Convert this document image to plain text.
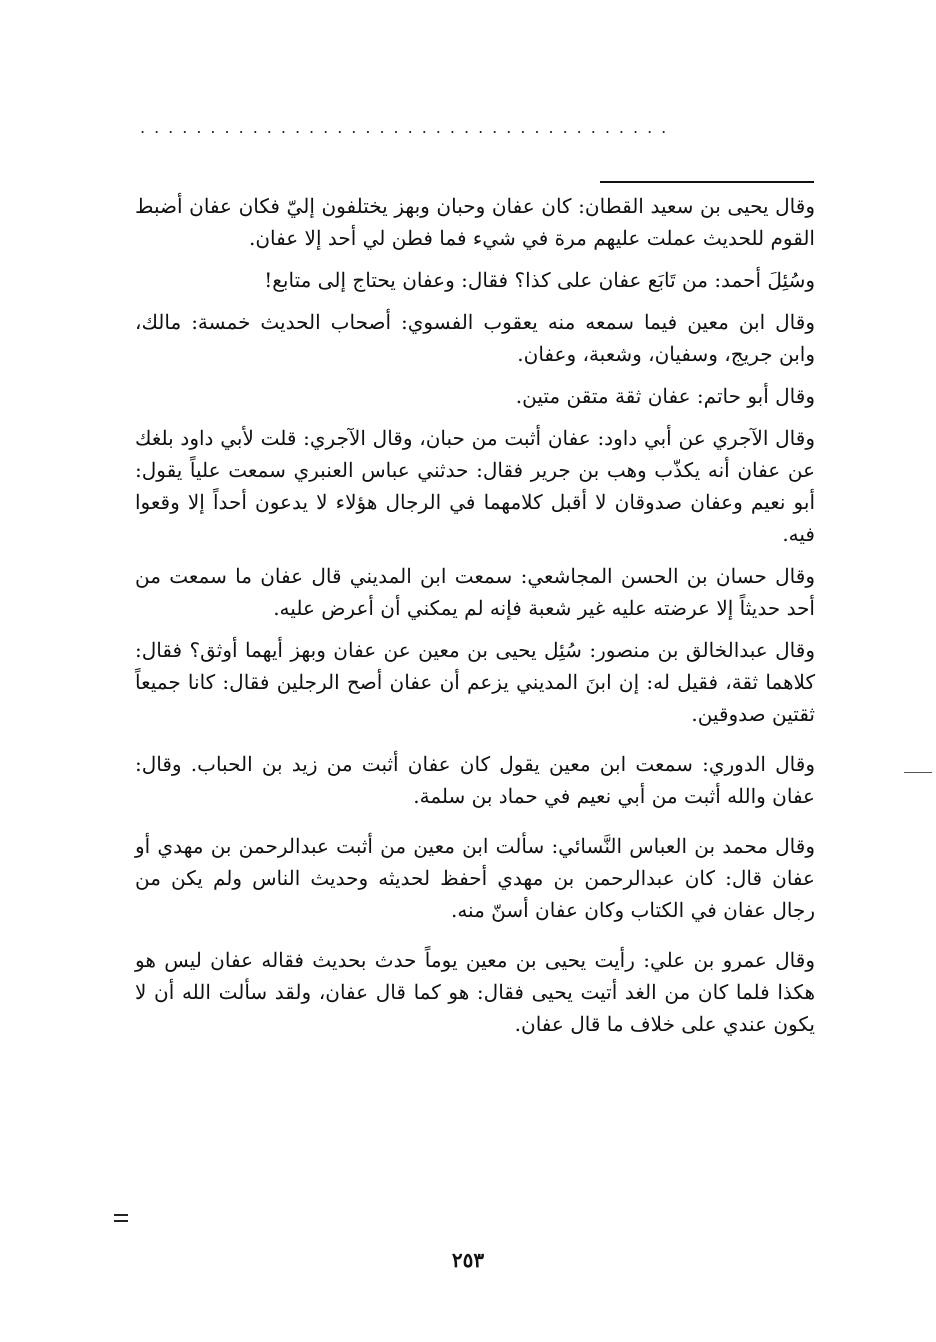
......................................

وقال يحيى بن سعيد القطان: كان عفان وحبان وبهز يختلفون إليّ فكان عفان أضبط القوم للحديث عملت عليهم مرة في شيء فما فطن لي أحد إلا عفان.

وسُئِلَ أحمد: من تَابَع عفان على كذا؟ فقال: وعفان يحتاج إلى متابع!

وقال ابن معين فيما سمعه منه يعقوب الفسوي: أصحاب الحديث خمسة: مالك، وابن جريج، وسفيان، وشعبة، وعفان.

وقال أبو حاتم: عفان ثقة متقن متين.

وقال الآجري عن أبي داود: عفان أثبت من حبان، وقال الآجري: قلت لأبي داود بلغك عن عفان أنه يكذّب وهب بن جرير فقال: حدثني عباس العنبري سمعت علياً يقول: أبو نعيم وعفان صدوقان لا أقبل كلامهما في الرجال هؤلاء لا يدعون أحداً إلا وقعوا فيه.

وقال حسان بن الحسن المجاشعي: سمعت ابن المديني قال عفان ما سمعت من أحد حديثاً إلا عرضته عليه غير شعبة فإنه لم يمكني أن أعرض عليه.

وقال عبدالخالق بن منصور: سُئِل يحيى بن معين عن عفان وبهز أيهما أوثق؟ فقال: كلاهما ثقة، فقيل له: إن ابنَ المديني يزعم أن عفان أصح الرجلين فقال: كانا جميعاً ثقتين صدوقين.

وقال الدوري: سمعت ابن معين يقول كان عفان أثبت من زيد بن الحباب. وقال: عفان والله أثبت من أبي نعيم في حماد بن سلمة.

وقال محمد بن العباس النَّسائي: سألت ابن معين من أثبت عبدالرحمن بن مهدي أو عفان قال: كان عبدالرحمن بن مهدي أحفظ لحديثه وحديث الناس ولم يكن من رجال عفان في الكتاب وكان عفان أسنّ منه.

وقال عمرو بن علي: رأيت يحيى بن معين يوماً حدث بحديث فقاله عفان ليس هو هكذا فلما كان من الغد أتيت يحيى فقال: هو كما قال عفان، ولقد سألت الله أن لا يكون عندي على خلاف ما قال عفان.

٢٥٣
